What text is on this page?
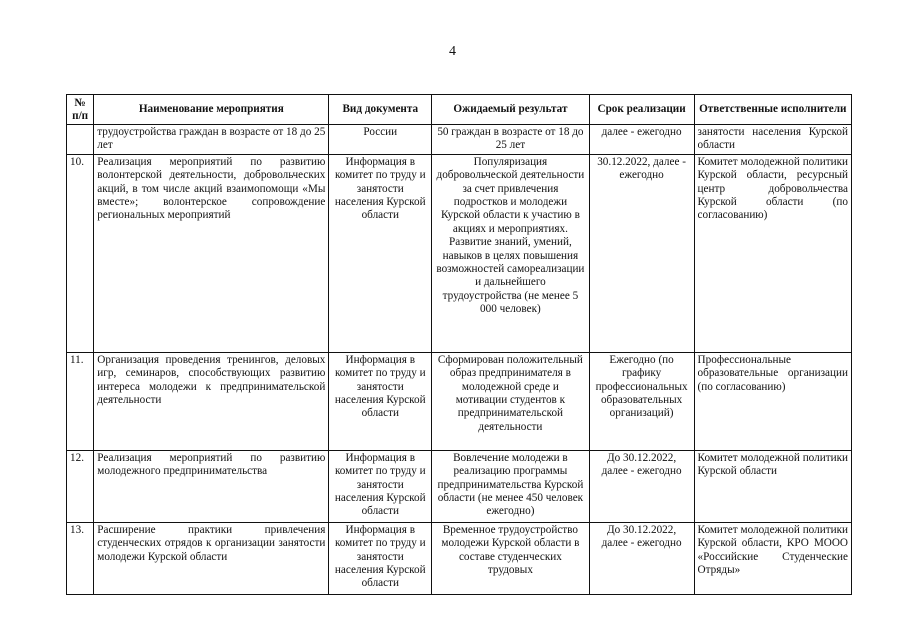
4
№ п/п	Наименование мероприятия	Вид документа	Ожидаемый результат	Срок реализации	Ответственные исполнители
	трудоустройства граждан в возрасте от 18 до 25 лет	России	50 граждан в возрасте от 18 до 25 лет	далее - ежегодно	занятости населения Курской области
10.	Реализация мероприятий по развитию волонтерской деятельности, добровольческих акций, в том числе акций взаимопомощи «Мы вместе»; волонтерское сопровождение региональных мероприятий	Информация в комитет по труду и занятости населения Курской области	Популяризация добровольческой деятельности за счет привлечения подростков и молодежи Курской области к участию в акциях и мероприятиях. Развитие знаний, умений, навыков в целях повышения возможностей самореализации и дальнейшего трудоустройства (не менее 5 000 человек)	30.12.2022, далее - ежегодно	Комитет молодежной политики Курской области, ресурсный центр добровольчества Курской области (по согласованию)
11.	Организация проведения тренингов, деловых игр, семинаров, способствующих развитию интереса молодежи к предпринимательской деятельности	Информация в комитет по труду и занятости населения Курской области	Сформирован положительный образ предпринимателя в молодежной среде и мотивации студентов к предпринимательской деятельности	Ежегодно (по графику профессиональных образовательных организаций)	Профессиональные образовательные организации (по согласованию)
12.	Реализация мероприятий по развитию молодежного предпринимательства	Информация в комитет по труду и занятости населения Курской области	Вовлечение молодежи в реализацию программы предпринимательства Курской области (не менее 450 человек ежегодно)	До 30.12.2022, далее - ежегодно	Комитет молодежной политики Курской области
13.	Расширение практики привлечения студенческих отрядов к организации занятости молодежи Курской области	Информация в комитет по труду и занятости населения Курской области	Временное трудоустройство молодежи Курской области в составе студенческих трудовых	До 30.12.2022, далее - ежегодно	Комитет молодежной политики Курской области, КРО МООО «Российские Студенческие Отряды»
